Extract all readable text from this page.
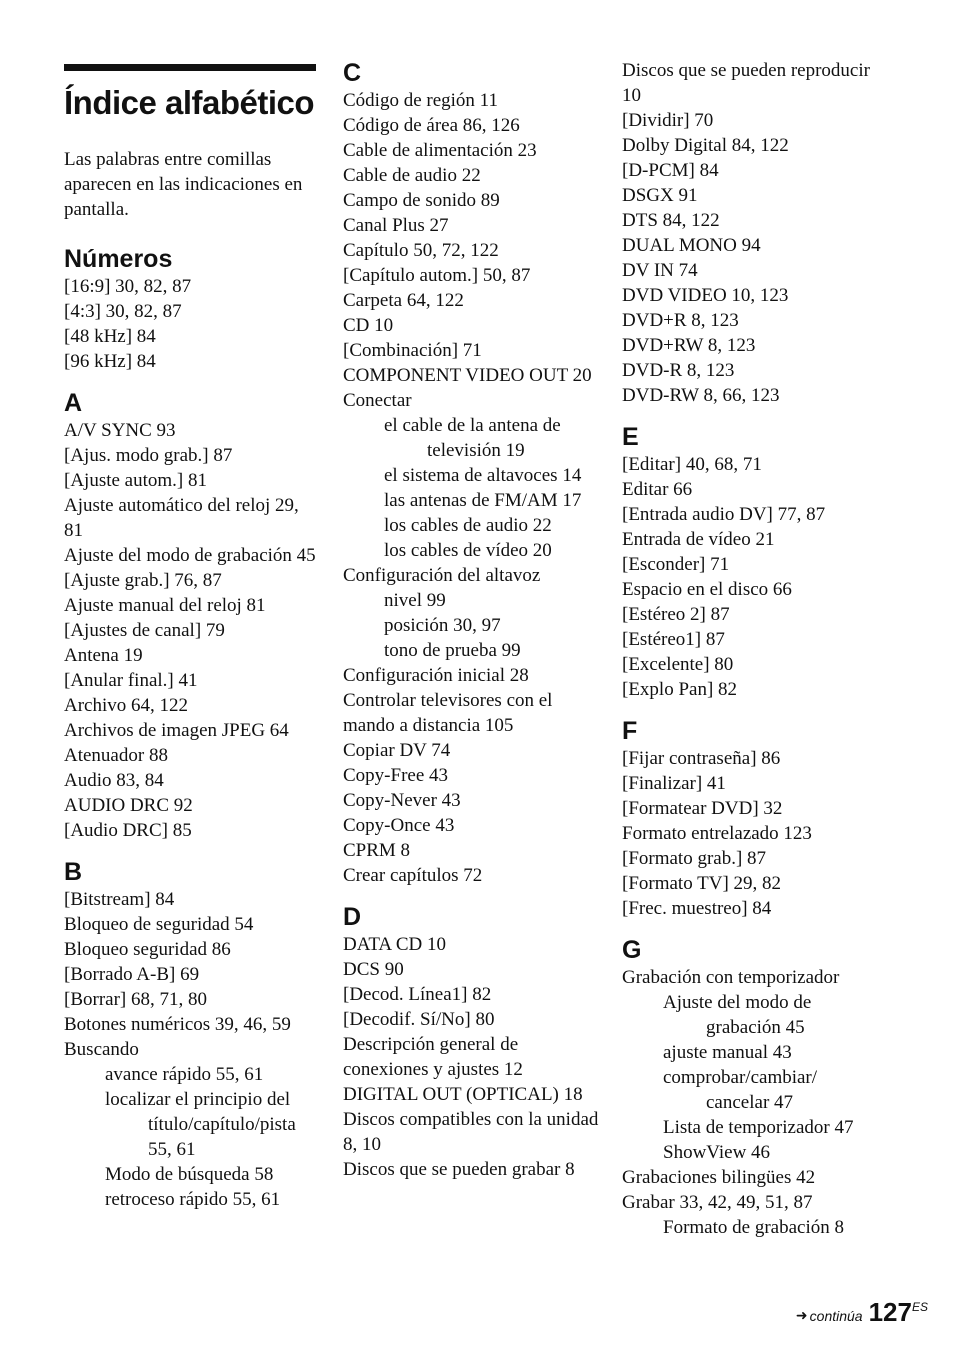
Índice alfabético
Las palabras entre comillas aparecen en las indicaciones en pantalla.
Números
[16:9] 30, 82, 87
[4:3] 30, 82, 87
[48 kHz] 84
[96 kHz] 84
A
A/V SYNC 93
[Ajus. modo grab.] 87
[Ajuste autom.] 81
Ajuste automático del reloj 29, 81
Ajuste del modo de grabación 45
[Ajuste grab.] 76, 87
Ajuste manual del reloj 81
[Ajustes de canal] 79
Antena 19
[Anular final.] 41
Archivo 64, 122
Archivos de imagen JPEG 64
Atenuador 88
Audio 83, 84
AUDIO DRC 92
[Audio DRC] 85
B
[Bitstream] 84
Bloqueo de seguridad 54
Bloqueo seguridad 86
[Borrado A-B] 69
[Borrar] 68, 71, 80
Botones numéricos 39, 46, 59
Buscando
avance rápido 55, 61
localizar el principio del
título/capítulo/pista
55, 61
Modo de búsqueda 58
retroceso rápido 55, 61
C
Código de región 11
Código de área 86, 126
Cable de alimentación 23
Cable de audio 22
Campo de sonido 89
Canal Plus 27
Capítulo 50, 72, 122
[Capítulo autom.] 50, 87
Carpeta 64, 122
CD 10
[Combinación] 71
COMPONENT VIDEO OUT 20
Conectar
el cable de la antena de televisión 19
el sistema de altavoces 14
las antenas de FM/AM 17
los cables de audio 22
los cables de vídeo 20
Configuración del altavoz
nivel 99
posición 30, 97
tono de prueba 99
Configuración inicial 28
Controlar televisores con el mando a distancia 105
Copiar DV 74
Copy-Free 43
Copy-Never 43
Copy-Once 43
CPRM 8
Crear capítulos 72
D
DATA CD 10
DCS 90
[Decod. Línea1] 82
[Decodif. Sí/No] 80
Descripción general de conexiones y ajustes 12
DIGITAL OUT (OPTICAL) 18
Discos compatibles con la unidad 8, 10
Discos que se pueden grabar 8
Discos que se pueden reproducir 10
[Dividir] 70
Dolby Digital 84, 122
[D-PCM] 84
DSGX 91
DTS 84, 122
DUAL MONO 94
DV IN 74
DVD VIDEO 10, 123
DVD+R 8, 123
DVD+RW 8, 123
DVD-R 8, 123
DVD-RW 8, 66, 123
E
[Editar] 40, 68, 71
Editar 66
[Entrada audio DV] 77, 87
Entrada de vídeo 21
[Esconder] 71
Espacio en el disco 66
[Estéreo 2] 87
[Estéreo1] 87
[Excelente] 80
[Explo Pan] 82
F
[Fijar contraseña] 86
[Finalizar] 41
[Formatear DVD] 32
Formato entrelazado 123
[Formato grab.] 87
[Formato TV] 29, 82
[Frec. muestreo] 84
G
Grabación con temporizador
Ajuste del modo de grabación 45
ajuste manual 43
comprobar/cambiar/ cancelar 47
Lista de temporizador 47
ShowView 46
Grabaciones bilingües 42
Grabar 33, 42, 49, 51, 87
Formato de grabación 8
➜ continúa 127 ES
